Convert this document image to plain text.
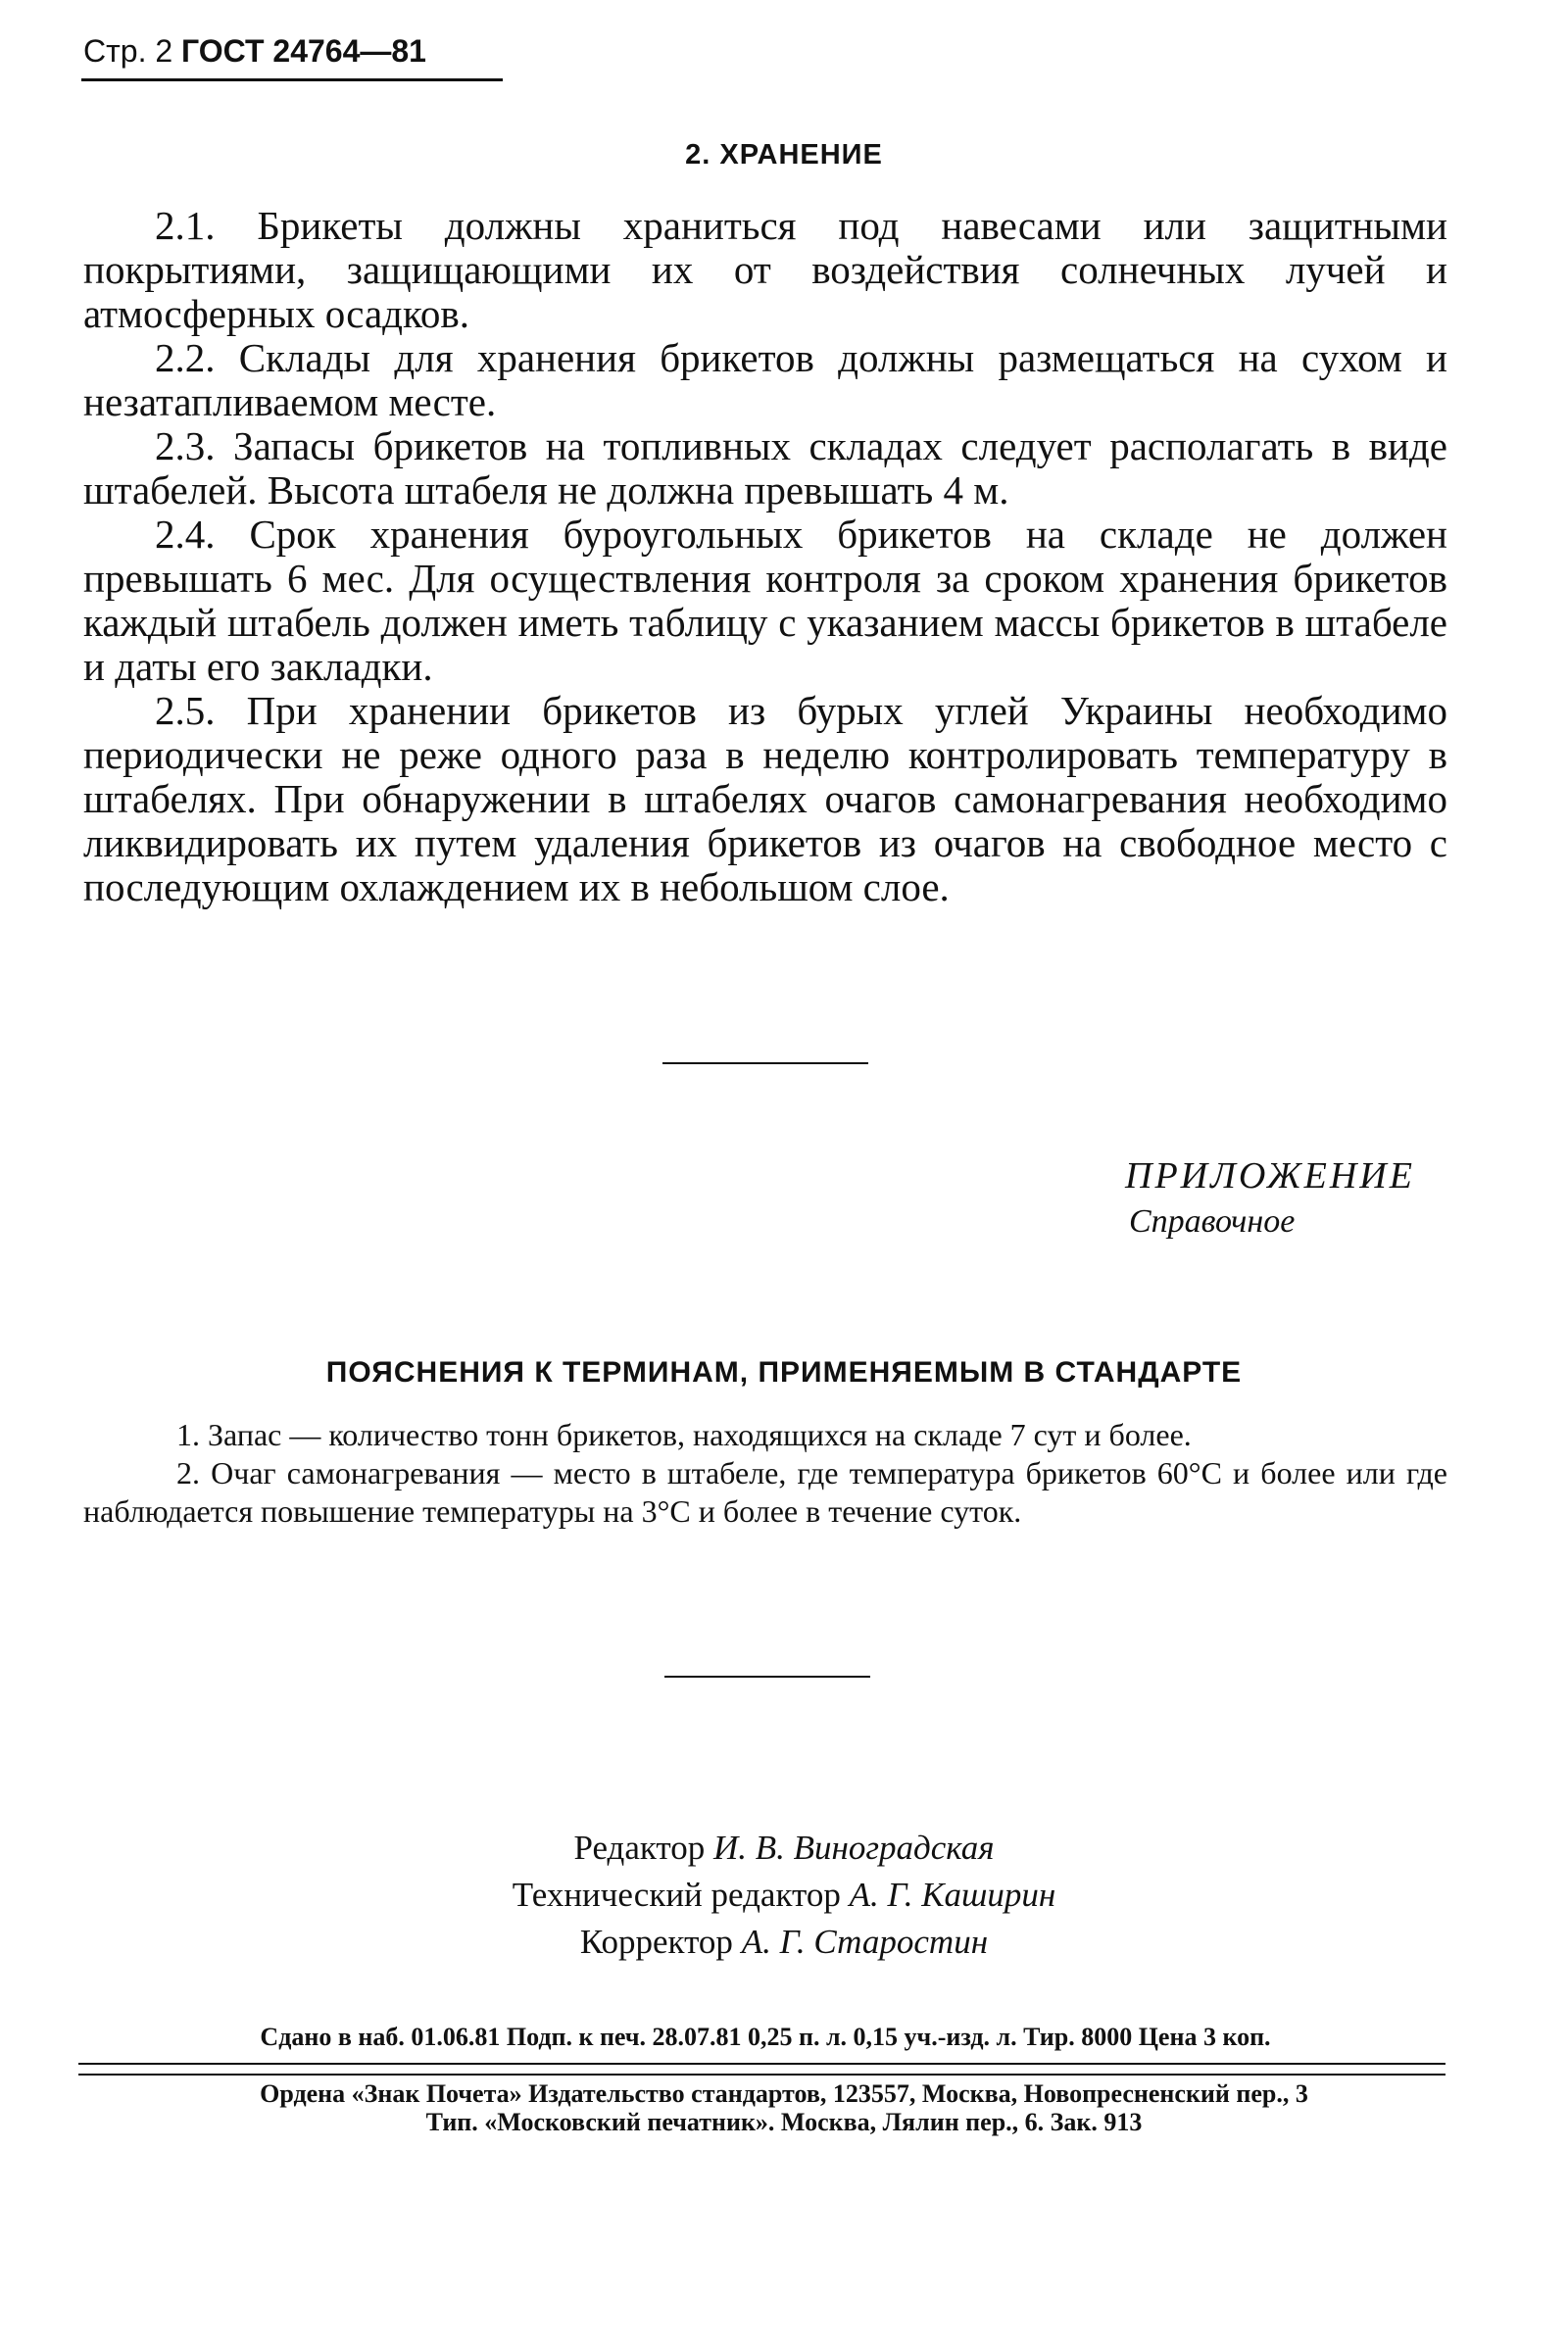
Стр. 2 ГОСТ 24764—81
2. ХРАНЕНИЕ

2.1. Брикеты должны храниться под навесами или защитными покрытиями, защищающими их от воздействия солнечных лучей и атмосферных осадков.

2.2. Склады для хранения брикетов должны размещаться на сухом и незатапливаемом месте.

2.3. Запасы брикетов на топливных складах следует располагать в виде штабелей. Высота штабеля не должна превышать 4 м.

2.4. Срок хранения буроугольных брикетов на складе не должен превышать 6 мес. Для осуществления контроля за сроком хранения брикетов каждый штабель должен иметь таблицу с указанием массы брикетов в штабеле и даты его закладки.

2.5. При хранении брикетов из бурых углей Украины необходимо периодически не реже одного раза в неделю контролировать температуру в штабелях. При обнаружении в штабелях очагов самонагревания необходимо ликвидировать их путем удаления брикетов из очагов на свободное место с последующим охлаждением их в небольшом слое.

ПРИЛОЖЕНИЕ
Справочное
ПОЯСНЕНИЯ К ТЕРМИНАМ, ПРИМЕНЯЕМЫМ В СТАНДАРТЕ

1. Запас — количество тонн брикетов, находящихся на складе 7 сут и более.

2. Очаг самонагревания — место в штабеле, где температура брикетов 60°С и более или где наблюдается повышение температуры на 3°С и более в течение суток.

Редактор И. В. Виноградская
Технический редактор А. Г. Каширин
Корректор А. Г. Старостин
Сдано в наб. 01.06.81 Подп. к печ. 28.07.81 0,25 п. л. 0,15 уч.-изд. л. Тир. 8000 Цена 3 коп.
Ордена «Знак Почета» Издательство стандартов, 123557, Москва, Новопресненский пер., 3
Тип. «Московский печатник». Москва, Лялин пер., 6. Зак. 913
